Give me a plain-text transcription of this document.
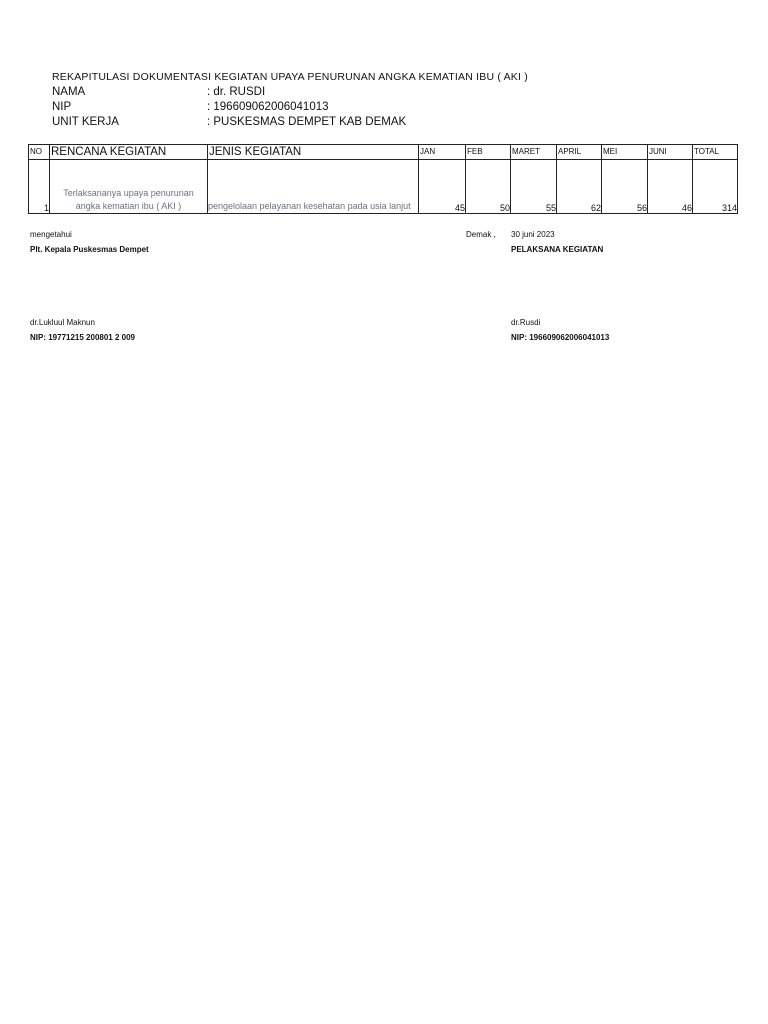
REKAPITULASI DOKUMENTASI KEGIATAN UPAYA PENURUNAN ANGKA KEMATIAN IBU ( AKI )
NAMA	: dr. RUSDI
NIP	: 196609062006041013
UNIT KERJA	: PUSKESMAS DEMPET KAB DEMAK
NO	RENCANA KEGIATAN	JENIS KEGIATAN	JAN	FEB	MARET	APRIL	MEI	JUNI	TOTAL
1	Terlaksananya upaya penurunan angka kematian ibu ( AKI )	pengelolaan pelayanan kesehatan pada usia lanjut	45	50	55	62	56	46	314
mengetahui
Plt. Kepala Puskesmas Dempet
Demak , 30 juni 2023
PELAKSANA KEGIATAN
dr.Lukluul Maknun
NIP: 19771215 200801 2 009
dr.Rusdi
NIP: 196609062006041013
